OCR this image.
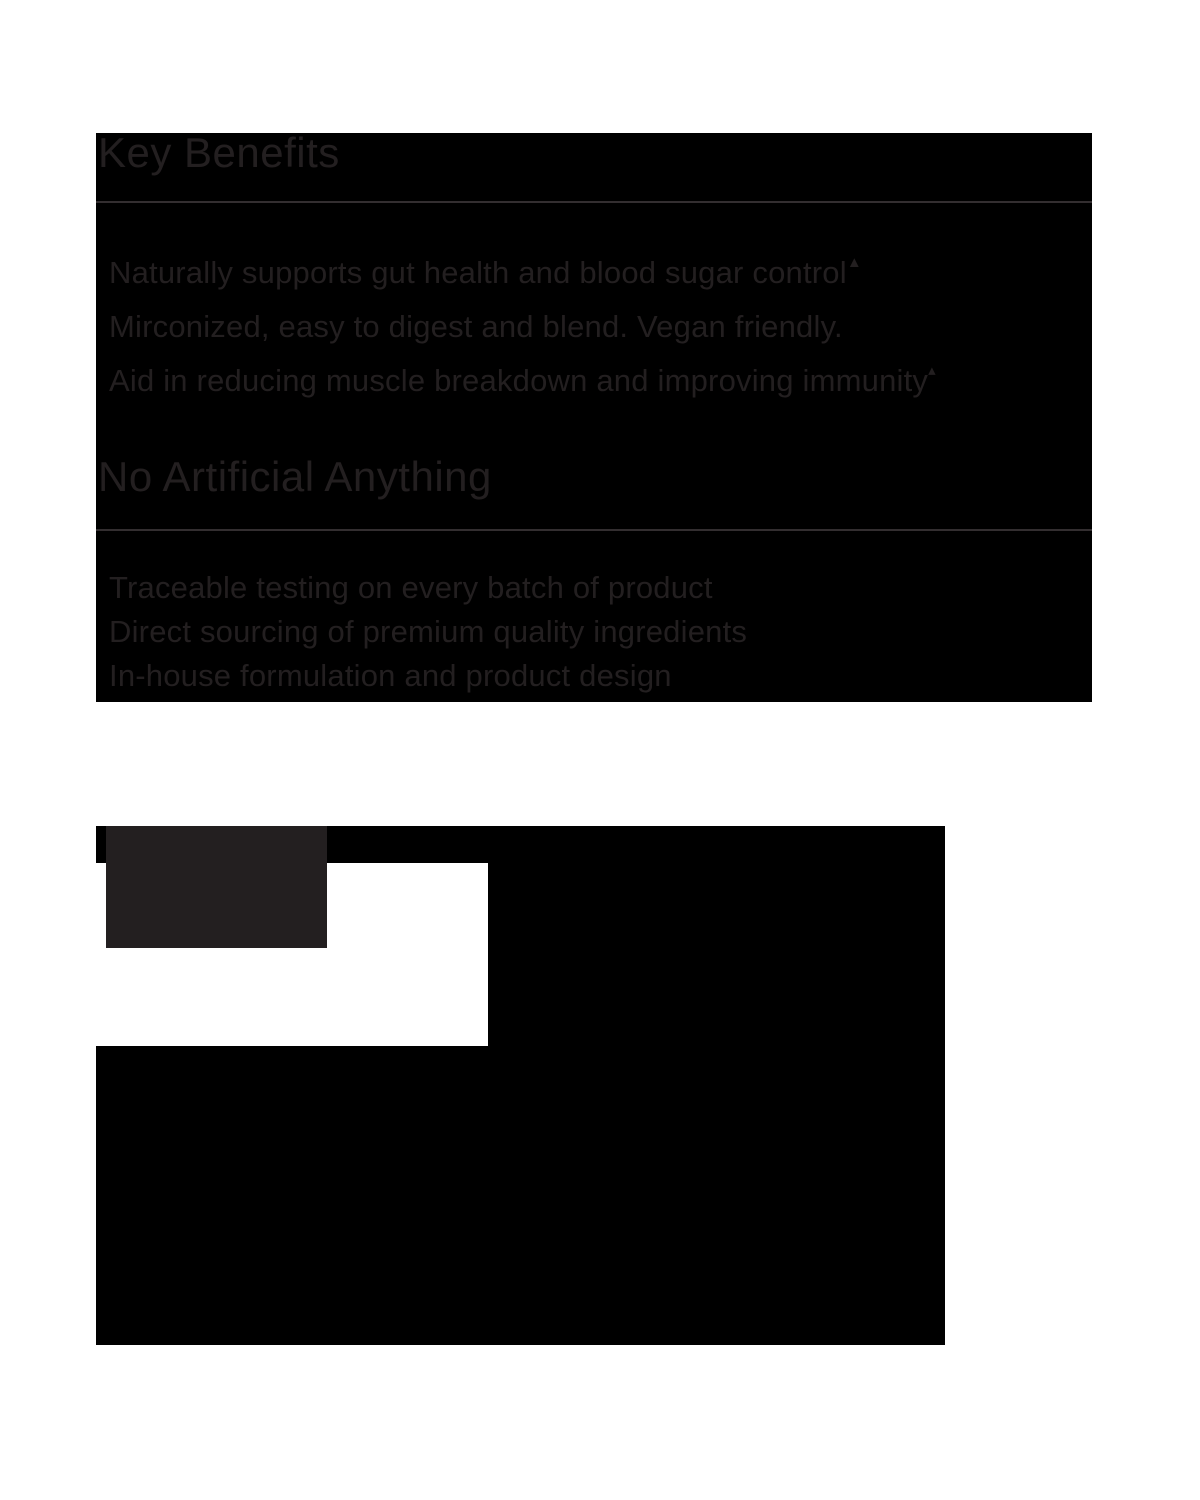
Key Benefits
Naturally supports gut health and blood sugar control▲
Mirconized, easy to digest and blend. Vegan friendly.
Aid in reducing muscle breakdown and improving immunity▴
No Artificial Anything
Traceable testing on every batch of product
Direct sourcing of premium quality ingredients
In-house formulation and product design
